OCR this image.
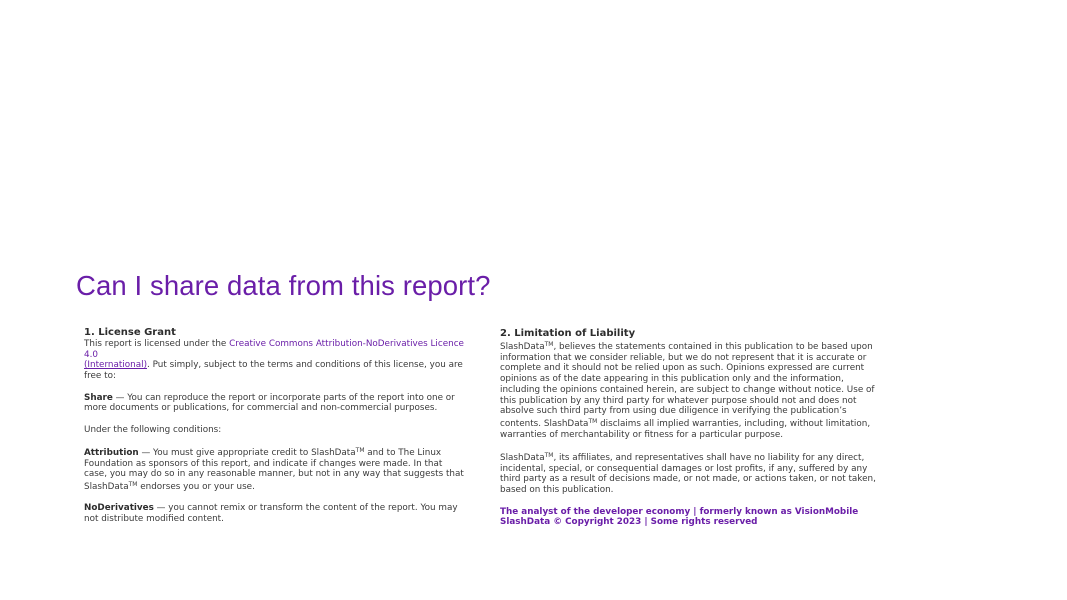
Can I share data from this report?
1. License Grant

This report is licensed under the Creative Commons Attribution-NoDerivatives Licence 4.0
(International). Put simply, subject to the terms and conditions of this license, you are free to:

Share — You can reproduce the report or incorporate parts of the report into one or more documents or publications, for commercial and non-commercial purposes.

Under the following conditions:

Attribution — You must give appropriate credit to SlashData™ and to The Linux Foundation as sponsors of this report, and indicate if changes were made. In that case, you may do so in any reasonable manner, but not in any way that suggests that SlashData™ endorses you or your use.

NoDerivatives — you cannot remix or transform the content of the report. You may not distribute modified content.

2. Limitation of Liability

SlashData™, believes the statements contained in this publication to be based upon information that we consider reliable, but we do not represent that it is accurate or complete and it should not be relied upon as such. Opinions expressed are current opinions as of the date appearing in this publication only and the information, including the opinions contained herein, are subject to change without notice. Use of this publication by any third party for whatever purpose should not and does not absolve such third party from using due diligence in verifying the publication’s contents. SlashData™ disclaims all implied warranties, including, without limitation, warranties of merchantability or fitness for a particular purpose.

SlashData™, its affiliates, and representatives shall have no liability for any direct, incidental, special, or consequential damages or lost profits, if any, suffered by any third party as a result of decisions made, or not made, or actions taken, or not taken, based on this publication.

The analyst of the developer economy | formerly known as VisionMobile

SlashData © Copyright 2023 | Some rights reserved
